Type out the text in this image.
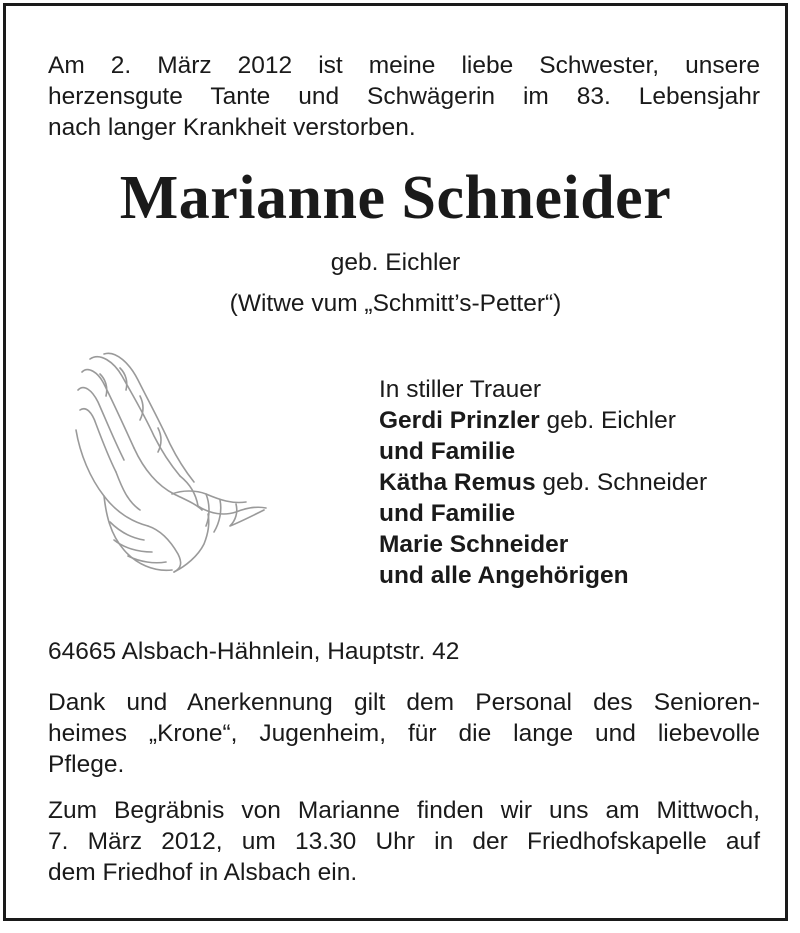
Am 2. März 2012 ist meine liebe Schwester, unsere
herzensgute Tante und Schwägerin im 83. Lebensjahr
nach langer Krankheit verstorben.
Marianne Schneider
geb. Eichler
(Witwe vum „Schmitt’s-Petter“)
In stiller Trauer
Gerdi Prinzler geb. Eichler
und Familie
Kätha Remus geb. Schneider
und Familie
Marie Schneider
und alle Angehörigen
64665 Alsbach-Hähnlein, Hauptstr. 42
Dank und Anerkennung gilt dem Personal des Senioren-
heimes „Krone“, Jugenheim, für die lange und liebevolle
Pflege.
Zum Begräbnis von Marianne finden wir uns am Mittwoch,
7. März 2012, um 13.30 Uhr in der Friedhofskapelle auf
dem Friedhof in Alsbach ein.
